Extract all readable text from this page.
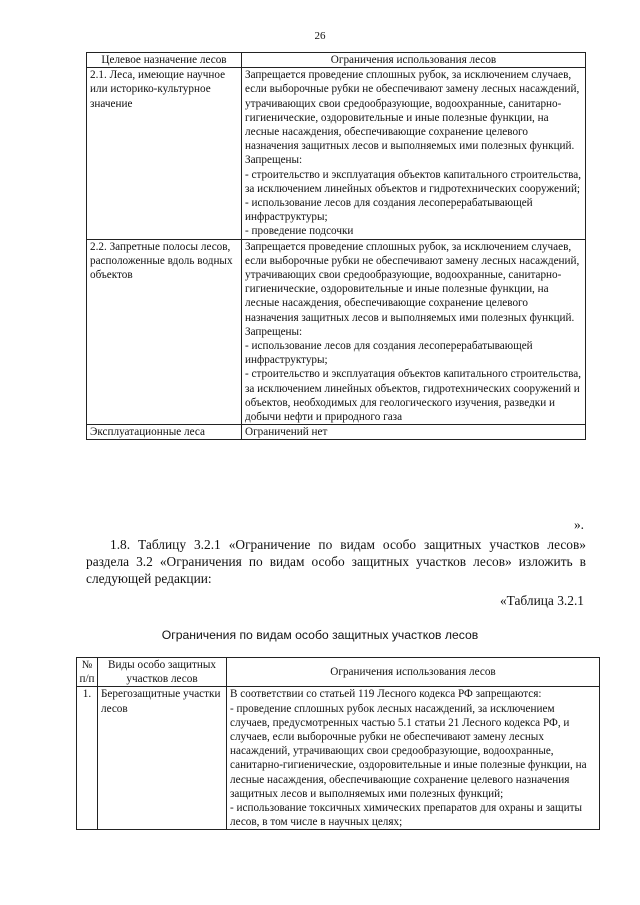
26
Целевое назначение лесов	Ограничения использования лесов
2.1. Леса, имеющие научное или историко-культурное значение	Запрещается проведение сплошных рубок, за исключением случаев, если выборочные рубки не обеспечивают замену лесных насаждений, утрачивающих свои средообразующие, водоохранные, санитарно-гигиенические, оздоровительные и иные полезные функции, на лесные насаждения, обеспечивающие сохранение целевого назначения защитных лесов и выполняемых ими полезных функций.
Запрещены:
- строительство и эксплуатация объектов капитального строительства, за исключением линейных объектов и гидротехнических сооружений;
- использование лесов для создания лесоперерабатывающей инфраструктуры;
- проведение подсочки

2.2. Запретные полосы лесов, расположенные вдоль водных объектов	Запрещается проведение сплошных рубок, за исключением случаев, если выборочные рубки не обеспечивают замену лесных насаждений, утрачивающих свои средообразующие, водоохранные, санитарно-гигиенические, оздоровительные и иные полезные функции, на лесные насаждения, обеспечивающие сохранение целевого назначения защитных лесов и выполняемых ими полезных функций.
Запрещены:
- использование лесов для создания лесоперерабатывающей инфраструктуры;
- строительство и эксплуатация объектов капитального строительства, за исключением линейных объектов, гидротехнических сооружений и объектов, необходимых для геологического изучения, разведки и добычи нефти и природного газа

Эксплуатационные леса	Ограничений нет
».
1.8. Таблицу 3.2.1 «Ограничение по видам особо защитных участков лесов» раздела 3.2 «Ограничения по видам особо защитных участков лесов» изложить в следующей редакции:
«Таблица 3.2.1
Ограничения по видам особо защитных участков лесов
№ п/п	Виды особо защитных участков лесов	Ограничения использования лесов
1.	Берегозащитные участки лесов	В соответствии со статьей 119 Лесного кодекса РФ запрещаются:
- проведение сплошных рубок лесных насаждений, за исключением случаев, предусмотренных частью 5.1 статьи 21 Лесного кодекса РФ, и случаев, если выборочные рубки не обеспечивают замену лесных насаждений, утрачивающих свои средообразующие, водоохранные, санитарно-гигиенические, оздоровительные и иные полезные функции, на лесные насаждения, обеспечивающие сохранение целевого назначения защитных лесов и выполняемых ими полезных функций;
- использование токсичных химических препаратов для охраны и защиты лесов, в том числе в научных целях;
